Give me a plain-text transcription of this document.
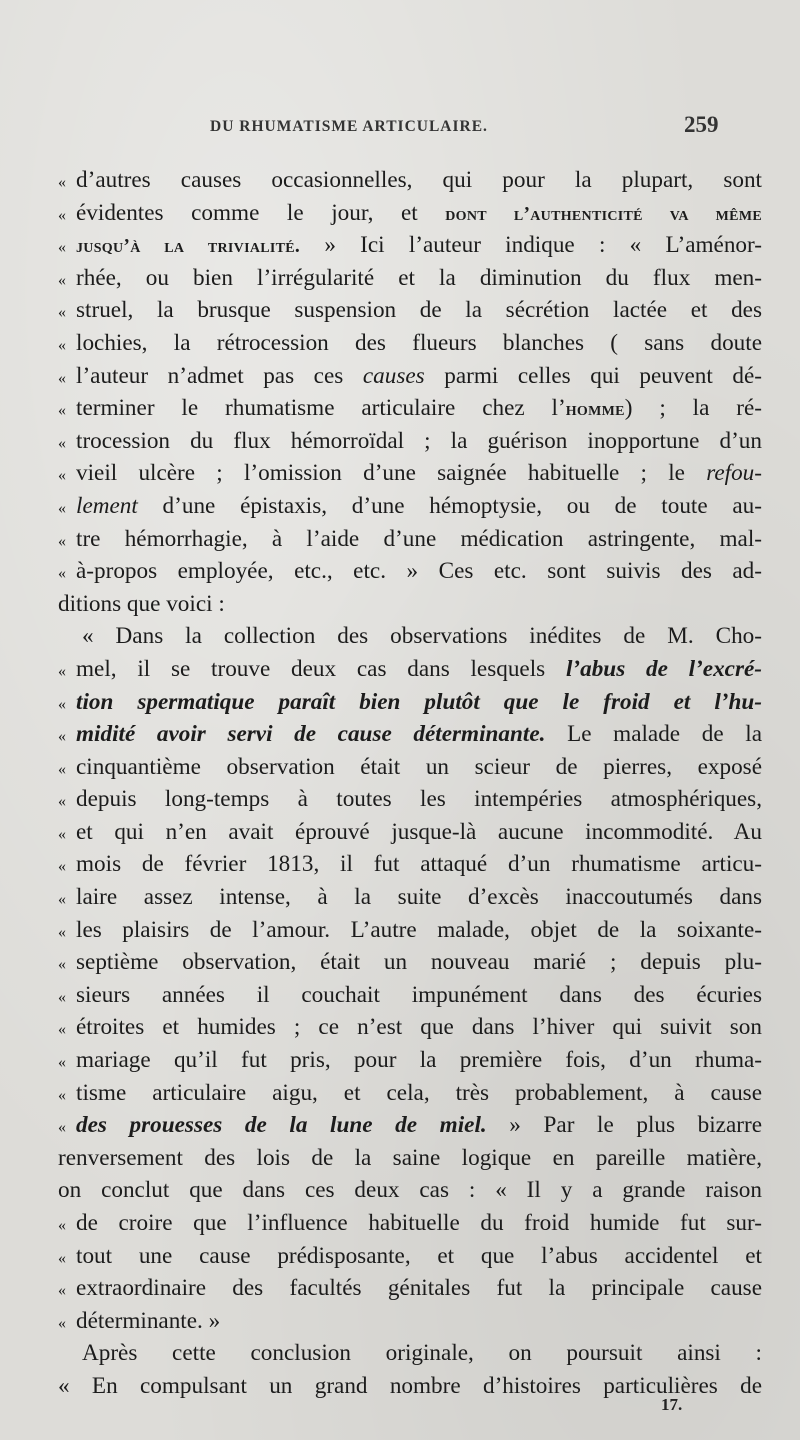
DU RHUMATISME ARTICULAIRE.	259
« d’autres causes occasionnelles, qui pour la plupart, sont
« évidentes comme le jour, et dont l’authenticité va même
« jusqu’à la trivialité. » Ici l’auteur indique : « L’aménor-
« rhée, ou bien l’irrégularité et la diminution du flux men-
« struel, la brusque suspension de la sécrétion lactée et des
« lochies, la rétrocession des flueurs blanches ( sans doute
« l’auteur n’admet pas ces causes parmi celles qui peuvent dé-
« terminer le rhumatisme articulaire chez l’homme) ; la ré-
« trocession du flux hémorroïdal ; la guérison inopportune d’un
« vieil ulcère ; l’omission d’une saignée habituelle ; le refou-
« lement d’une épistaxis, d’une hémoptysie, ou de toute au-
« tre hémorrhagie, à l’aide d’une médication astringente, mal-
« à-propos employée, etc., etc. » Ces etc. sont suivis des ad-
ditions que voici :
« Dans la collection des observations inédites de M. Cho-
« mel, il se trouve deux cas dans lesquels l’abus de l’excré-
« tion spermatique paraît bien plutôt que le froid et l’hu-
« midité avoir servi de cause déterminante. Le malade de la
« cinquantième observation était un scieur de pierres, exposé
« depuis long-temps à toutes les intempéries atmosphériques,
« et qui n’en avait éprouvé jusque-là aucune incommodité. Au
« mois de février 1813, il fut attaqué d’un rhumatisme articu-
« laire assez intense, à la suite d’excès inaccoutumés dans
« les plaisirs de l’amour. L’autre malade, objet de la soixante-
« septième observation, était un nouveau marié ; depuis plu-
« sieurs années il couchait impunément dans des écuries
« étroites et humides ; ce n’est que dans l’hiver qui suivit son
« mariage qu’il fut pris, pour la première fois, d’un rhuma-
« tisme articulaire aigu, et cela, très probablement, à cause
« des prouesses de la lune de miel. » Par le plus bizarre
renversement des lois de la saine logique en pareille matière,
on conclut que dans ces deux cas : « Il y a grande raison
« de croire que l’influence habituelle du froid humide fut sur-
« tout une cause prédisposante, et que l’abus accidentel et
« extraordinaire des facultés génitales fut la principale cause
« déterminante. »
Après cette conclusion originale, on poursuit ainsi :
« En compulsant un grand nombre d’histoires particulières de
17.
